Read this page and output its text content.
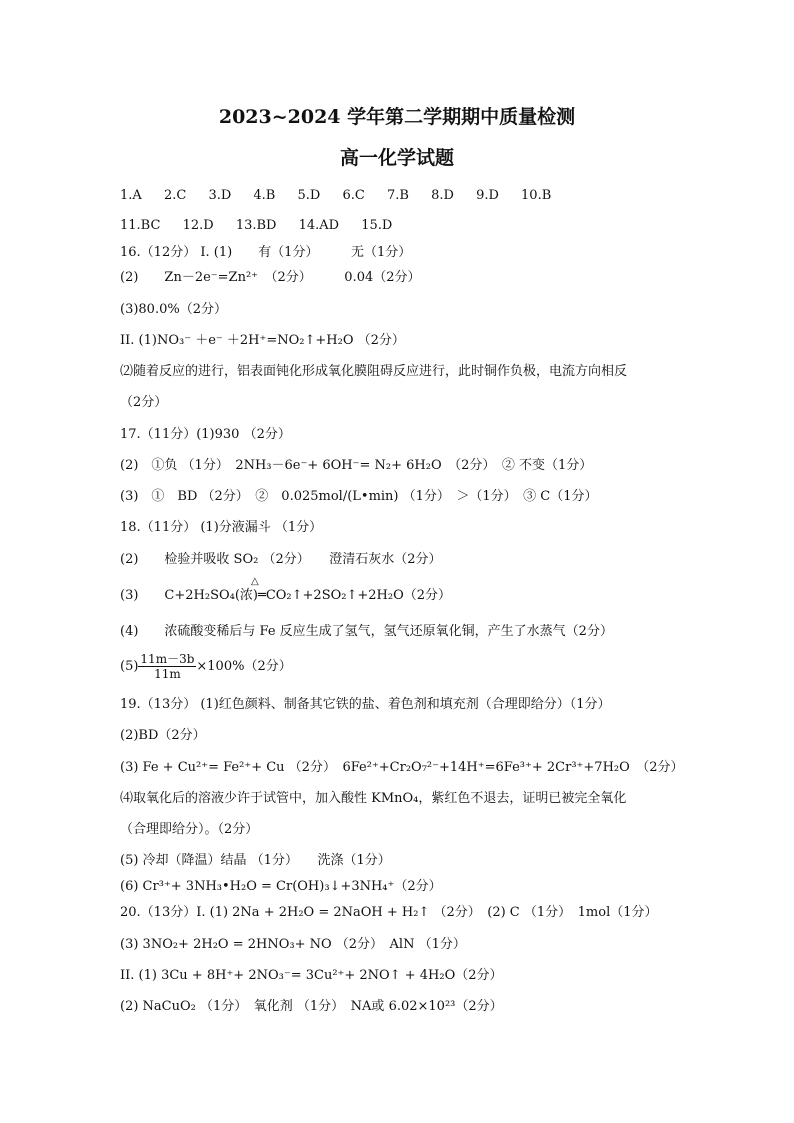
2023~2024 学年第二学期期中质量检测
高一化学试题
1.A 2.C 3.D 4.B 5.D 6.C 7.B 8.D 9.D 10.B
11.BC 12.D 13.BD 14.AD 15.D
16.（12分） I. (1)　　有（1分）　　　无（1分）
(2)　　Zn－2e⁻=Zn²⁺　（2分）　　　0.04（2分）
(3)80.0%（2分）
II. (1)NO₃⁻ ＋e⁻ ＋2H⁺=NO₂↑+H₂O （2分）
⑵随着反应的进行，铝表面钝化形成氧化膜阻碍反应进行，此时铜作负极，电流方向相反
（2分）
17.（11分）(1)930 （2分）
(2)　①负 （1分）　2NH₃－6e⁻+ 6OH⁻= N₂+ 6H₂O　（2分）　② 不变（1分）
(3)　①　BD （2分）　②　0.025mol/(L•min) （1分）　＞（1分）　③ C（1分）
18.（11分） (1)分液漏斗 （1分）
(2)　　检验并吸收 SO₂ （2分）　　澄清石灰水（2分）
△
(3)　　C+2H₂SO₄(浓)═CO₂↑+2SO₂↑+2H₂O（2分）
(4)　　浓硫酸变稀后与 Fe 反应生成了氢气，氢气还原氧化铜，产生了水蒸气（2分）
$(5) \frac{11m-3b}{11m} \times 100\%(2$分）
19.（13分） (1)红色颜料、制备其它铁的盐、着色剂和填充剂（合理即给分）（1分）
(2)BD（2分）
(3) Fe + Cu²⁺= Fe²⁺+ Cu （2分）　6Fe²⁺+Cr₂O₇²⁻+14H⁺=6Fe³⁺+ 2Cr³⁺+7H₂O　（2分）
⑷取氧化后的溶液少许于试管中，加入酸性 KMnO₄，紫红色不退去，证明已被完全氧化
（合理即给分）。（2分）
(5) 冷却（降温）结晶 （1分）　　洗涤（1分）
(6) Cr³⁺+ 3NH₃•H₂O = Cr(OH)₃↓+3NH₄⁺（2分）
20.（13分）I. (1) 2Na + 2H₂O = 2NaOH + H₂↑ （2分）　(2) C （1分）　1mol（1分）
(3) 3NO₂+ 2H₂O = 2HNO₃+ NO （2分）　AlN （1分）
II. (1) 3Cu + 8H⁺+ 2NO₃⁻= 3Cu²⁺+ 2NO↑ + 4H₂O（2分）
(2) NaCuO₂ （1分）　氧化剂 （1分）　NA或 6.02×10²³（2分）
